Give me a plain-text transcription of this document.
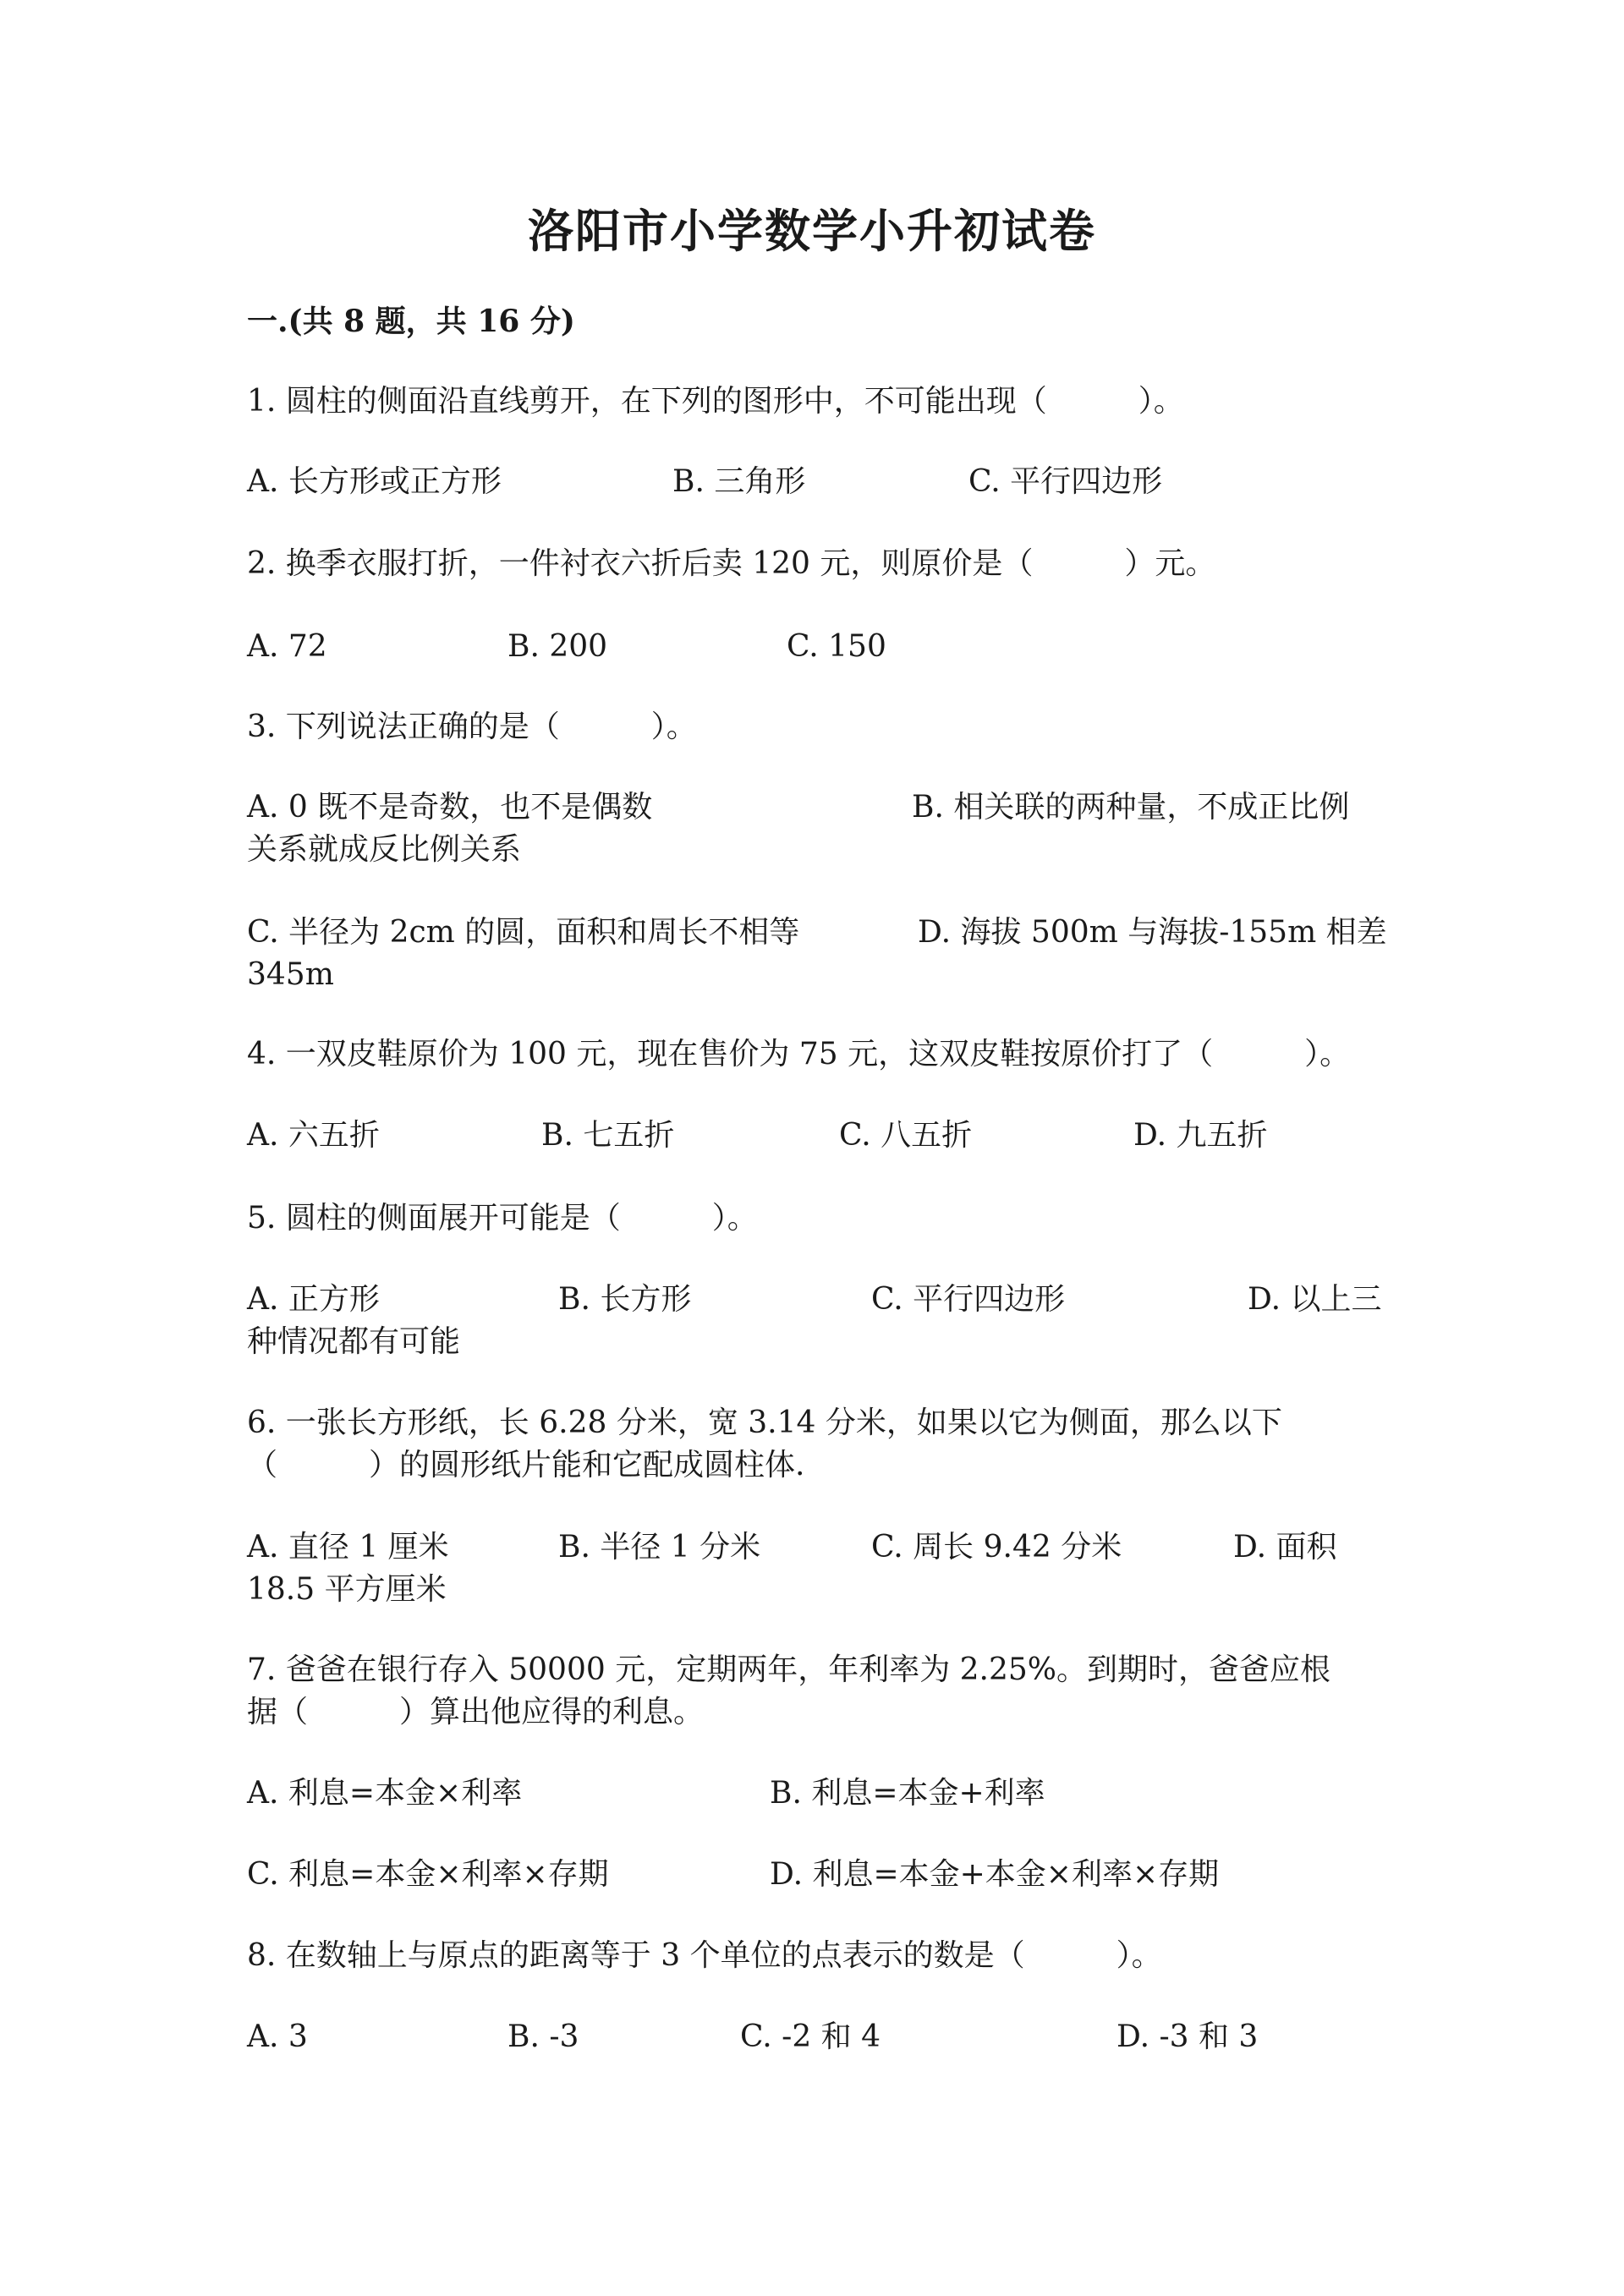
洛阳市小学数学小升初试卷
一.(共 8 题，共 16 分)
1. 圆柱的侧面沿直线剪开，在下列的图形中，不可能出现（　　　）。
A. 长方形或正方形	B. 三角形	C. 平行四边形
2. 换季衣服打折，一件衬衣六折后卖 120 元，则原价是（　　　）元。
A. 72	B. 200	C. 150
3. 下列说法正确的是（　　　）。
A. 0 既不是奇数，也不是偶数	B. 相关联的两种量，不成正比例
关系就成反比例关系
C. 半径为 2cm 的圆，面积和周长不相等	D. 海拔 500m 与海拔-155m 相差
345m
4. 一双皮鞋原价为 100 元，现在售价为 75 元，这双皮鞋按原价打了（　　　）。
A. 六五折	B. 七五折	C. 八五折	D. 九五折
5. 圆柱的侧面展开可能是（　　　）。
A. 正方形	B. 长方形	C. 平行四边形	D. 以上三
种情况都有可能
6. 一张长方形纸，长 6.28 分米，宽 3.14 分米，如果以它为侧面，那么以下
（　　　）的圆形纸片能和它配成圆柱体.
A. 直径 1 厘米	B. 半径 1 分米	C. 周长 9.42 分米	D. 面积
18.5 平方厘米
7. 爸爸在银行存入 50000 元，定期两年，年利率为 2.25%。到期时，爸爸应根
据（　　　）算出他应得的利息。
A. 利息=本金×利率	B. 利息=本金+利率
C. 利息=本金×利率×存期	D. 利息=本金+本金×利率×存期
8. 在数轴上与原点的距离等于 3 个单位的点表示的数是（　　　）。
A. 3	B. -3	C. -2 和 4	D. -3 和 3
